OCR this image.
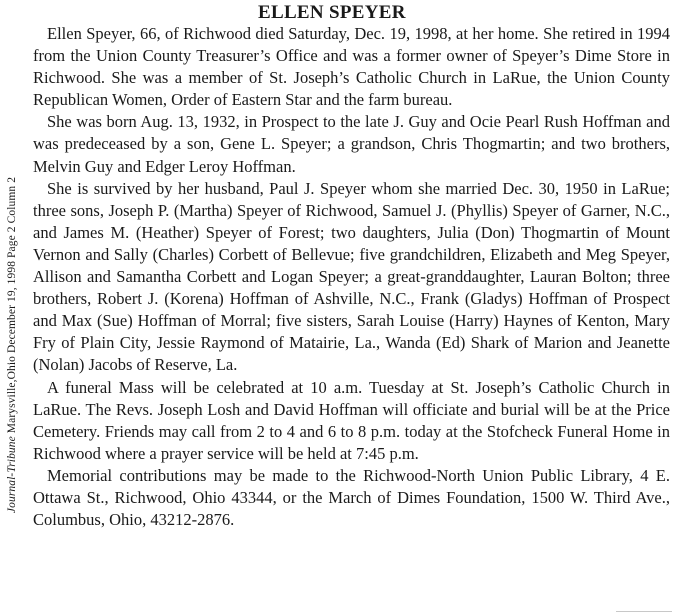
Journal-Tribune Marysville,Ohio December 19, 1998 Page 2 Column 2
ELLEN SPEYER

Ellen Speyer, 66, of Richwood died Saturday, Dec. 19, 1998, at her home. She retired in 1994 from the Union County Treasurer’s Office and was a former owner of Speyer’s Dime Store in Richwood. She was a member of St. Joseph’s Catholic Church in LaRue, the Union County Republican Women, Order of Eastern Star and the farm bureau.

She was born Aug. 13, 1932, in Prospect to the late J. Guy and Ocie Pearl Rush Hoffman and was predeceased by a son, Gene L. Speyer; a grandson, Chris Thogmartin; and two brothers, Melvin Guy and Edger Leroy Hoffman.

She is survived by her husband, Paul J. Speyer whom she married Dec. 30, 1950 in LaRue; three sons, Joseph P. (Martha) Speyer of Richwood, Samuel J. (Phyllis) Speyer of Garner, N.C., and James M. (Heather) Speyer of Forest; two daughters, Julia (Don) Thogmartin of Mount Vernon and Sally (Charles) Corbett of Bellevue; five grandchildren, Elizabeth and Meg Speyer, Allison and Samantha Corbett and Logan Speyer; a great-granddaughter, Lauran Bolton; three brothers, Robert J. (Korena) Hoffman of Ashville, N.C., Frank (Gladys) Hoffman of Prospect and Max (Sue) Hoffman of Morral; five sisters, Sarah Louise (Harry) Haynes of Kenton, Mary Fry of Plain City, Jessie Raymond of Matairie, La., Wanda (Ed) Shark of Marion and Jeanette (Nolan) Jacobs of Reserve, La.

A funeral Mass will be celebrated at 10 a.m. Tuesday at St. Joseph’s Catholic Church in LaRue. The Revs. Joseph Losh and David Hoffman will officiate and burial will be at the Price Cemetery. Friends may call from 2 to 4 and 6 to 8 p.m. today at the Stofcheck Funeral Home in Richwood where a prayer service will be held at 7:45 p.m.

Memorial contributions may be made to the Richwood-North Union Public Library, 4 E. Ottawa St., Richwood, Ohio 43344, or the March of Dimes Foundation, 1500 W. Third Ave., Columbus, Ohio, 43212-2876.
